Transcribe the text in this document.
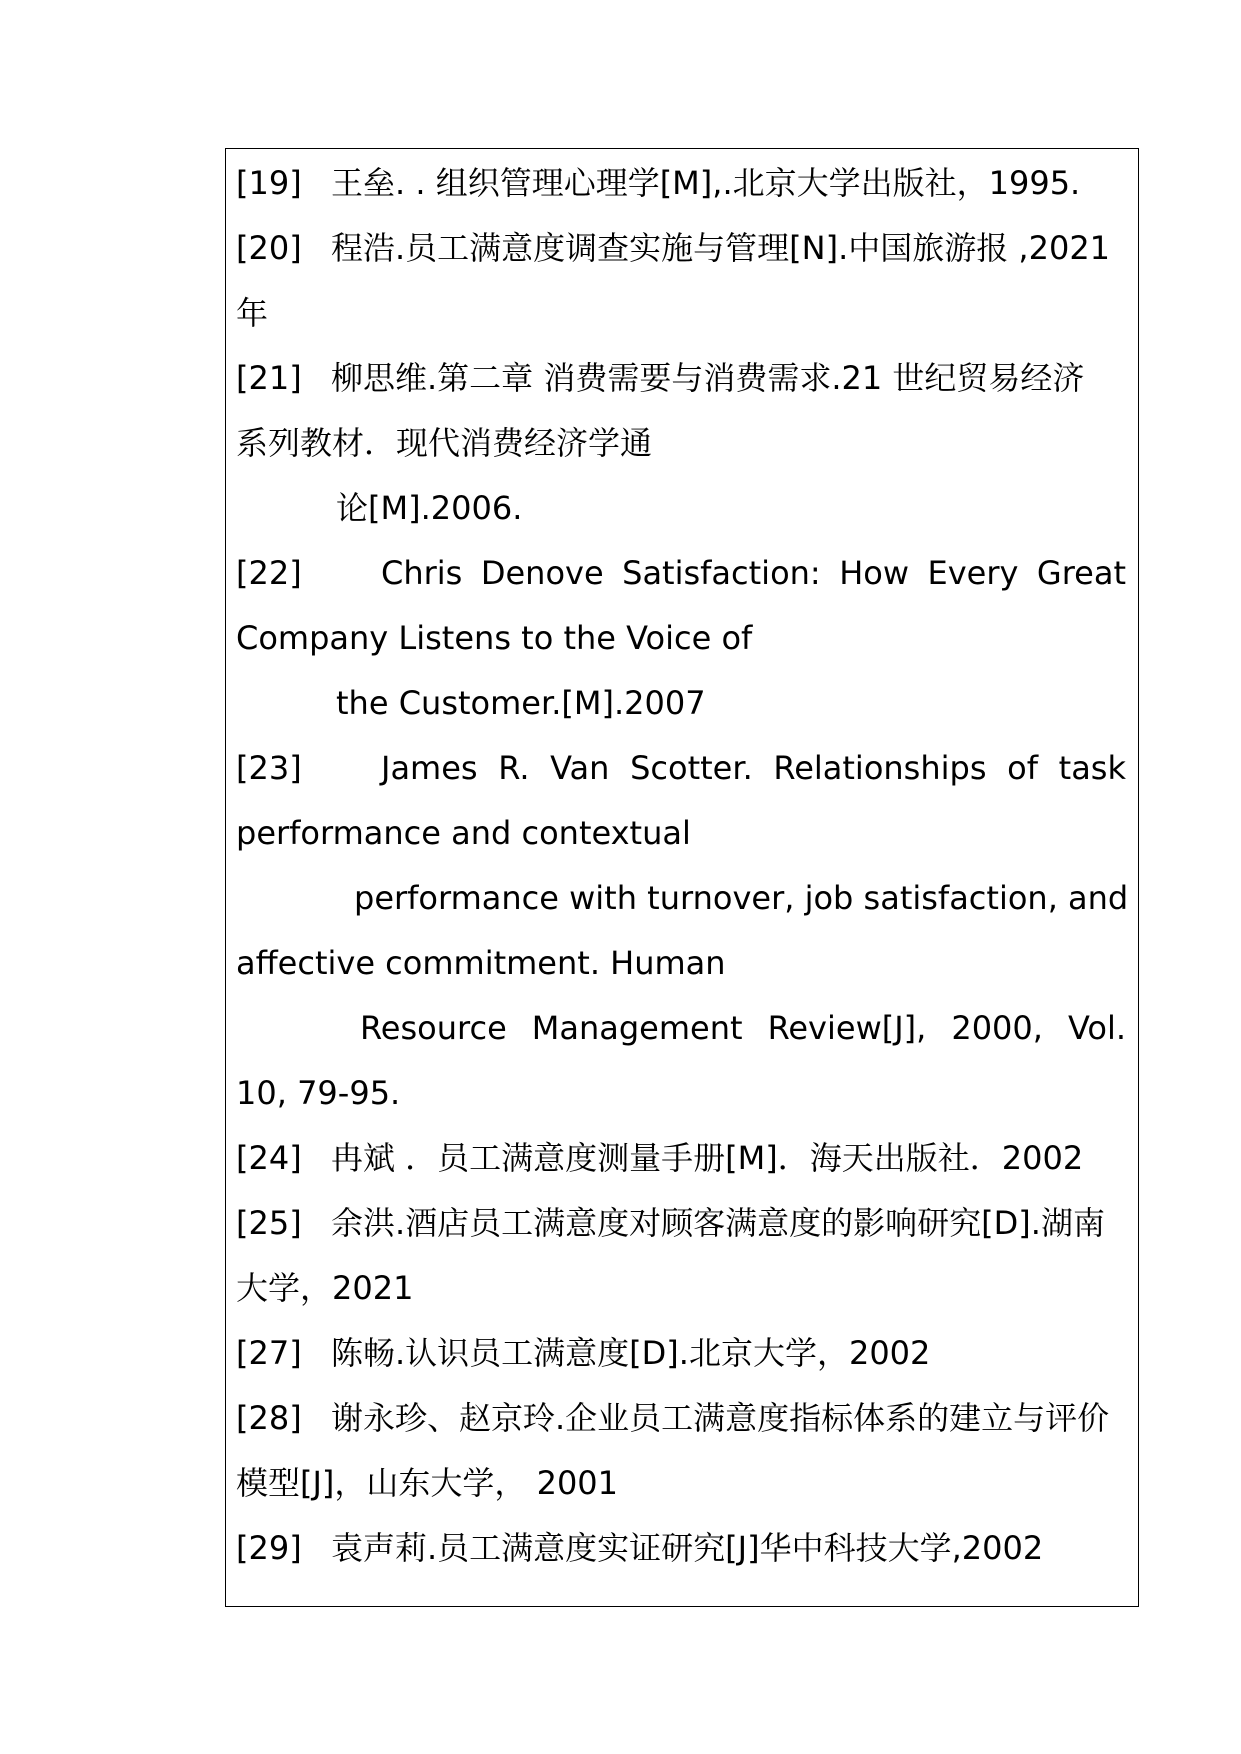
[19] 王垒. . 组织管理心理学[M],.北京大学出版社，1995.
[20] 程浩.员工满意度调查实施与管理[N].中国旅游报 ,2021
年
[21] 柳思维.第二章 消费需要与消费需求.21 世纪贸易经济
系列教材．现代消费经济学通
论[M].2006.
[22]	Chris Denove Satisfaction: How Every Great
Company Listens to the Voice of
the Customer.[M].2007
[23]	James R. Van Scotter. Relationships of task
performance and contextual
performance with turnover, job satisfaction, and
affective commitment. Human
Resource Management Review[J], 2000, Vol.
10, 79-95.
[24] 冉斌 ．员工满意度测量手册[M]．海天出版社．2002
[25] 余洪.酒店员工满意度对顾客满意度的影响研究[D].湖南
大学，2021
[27] 陈畅.认识员工满意度[D].北京大学，2002
[28] 谢永珍、赵京玲.企业员工满意度指标体系的建立与评价
模型[J]，山东大学， 2001
[29] 袁声莉.员工满意度实证研究[J]华中科技大学,2002
